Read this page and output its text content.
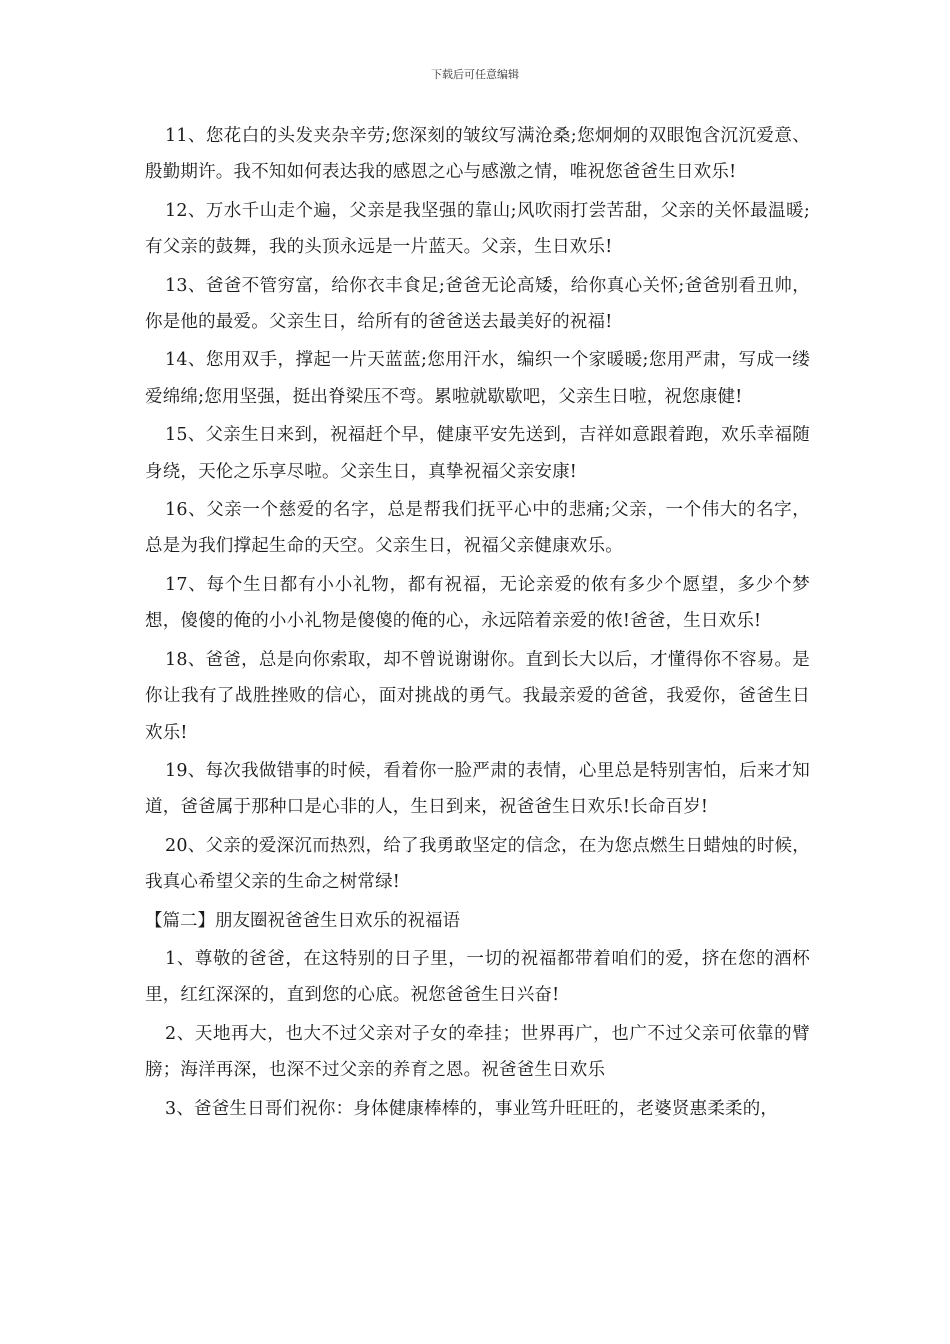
下载后可任意编辑

11、您花白的头发夹杂辛劳;您深刻的皱纹写满沧桑;您炯炯的双眼饱含沉沉爱意、殷勤期许。我不知如何表达我的感恩之心与感激之情，唯祝您爸爸生日欢乐!

12、万水千山走个遍，父亲是我坚强的靠山;风吹雨打尝苦甜，父亲的关怀最温暖;有父亲的鼓舞，我的头顶永远是一片蓝天。父亲，生日欢乐!

13、爸爸不管穷富，给你衣丰食足;爸爸无论高矮，给你真心关怀;爸爸别看丑帅，你是他的最爱。父亲生日，给所有的爸爸送去最美好的祝福!

14、您用双手，撑起一片天蓝蓝;您用汗水，编织一个家暖暖;您用严肃，写成一缕爱绵绵;您用坚强，挺出脊梁压不弯。累啦就歇歇吧，父亲生日啦，祝您康健!

15、父亲生日来到，祝福赶个早，健康平安先送到，吉祥如意跟着跑，欢乐幸福随身绕，天伦之乐享尽啦。父亲生日，真挚祝福父亲安康!

16、父亲一个慈爱的名字，总是帮我们抚平心中的悲痛;父亲，一个伟大的名字，总是为我们撑起生命的天空。父亲生日，祝福父亲健康欢乐。

17、每个生日都有小小礼物，都有祝福，无论亲爱的侬有多少个愿望，多少个梦想，傻傻的俺的小小礼物是傻傻的俺的心，永远陪着亲爱的侬!爸爸，生日欢乐!

18、爸爸，总是向你索取，却不曾说谢谢你。直到长大以后，才懂得你不容易。是你让我有了战胜挫败的信心，面对挑战的勇气。我最亲爱的爸爸，我爱你，爸爸生日欢乐!

19、每次我做错事的时候，看着你一脸严肃的表情，心里总是特别害怕，后来才知道，爸爸属于那种口是心非的人，生日到来，祝爸爸生日欢乐!长命百岁!

20、父亲的爱深沉而热烈，给了我勇敢坚定的信念，在为您点燃生日蜡烛的时候，我真心希望父亲的生命之树常绿!

【篇二】朋友圈祝爸爸生日欢乐的祝福语

1、尊敬的爸爸，在这特别的日子里，一切的祝福都带着咱们的爱，挤在您的酒杯里，红红深深的，直到您的心底。祝您爸爸生日兴奋!

2、天地再大，也大不过父亲对子女的牵挂；世界再广，也广不过父亲可依靠的臂膀；海洋再深，也深不过父亲的养育之恩。祝爸爸生日欢乐

3、爸爸生日哥们祝你：身体健康棒棒的，事业笃升旺旺的，老婆贤惠柔柔的，
